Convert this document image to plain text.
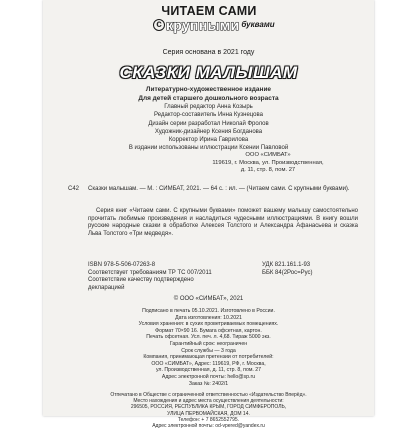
ЧИТАЕМ САМИ
с крупными буквами
Серия основана в 2021 году
СКАЗКИ МАЛЫШАМ
Литературно-художественное издание
Для детей старшего дошкольного возраста
Главный редактор Анна Козырь
Редактор-составитель Инна Кузнецова
Дизайн серии разработал Николай Фролов
Художник-дизайнер Ксения Богданова
Корректор Ирина Гаврилова
В издании использованы иллюстрации Ксении Павловой
ООО «СИМБАТ»
119619, г. Москва, ул. Производственная,
д. 11, стр. 8, пом. 27
С42 Сказки малышам. — М. : СИМБАТ, 2021. — 64 с. : ил. — (Читаем сами. С крупными буквами).
Серия книг «Читаем сами. С крупными буквами» поможет вашему малышу самостоятельно прочитать любимые произведения и насладиться чудесными иллюстрациями. В книгу вошли русские народные сказки в обработке Алексея Толстого и Александра Афанасьева и сказка Льва Толстого «Три медведя».
ISBN 978-5-506-07263-8
Соответствует требованиям ТР ТС 007/2011
Соответствие качеству подтверждено
декларацией
УДК 821.161.1-93
ББК 84(2Рос=Рус)
© ООО «СИМБАТ», 2021
Подписано в печать 05.10.2021. Изготовлено в России.
Дата изготовления: 10.2021
Условия хранения: в сухих проветриваемых помещениях.
Формат 70×90 16. Бумага офсетная, картон.
Печать офсетная. Усл. печ. л. 4,68. Тираж 5000 экз.
Гарантийный срок: неограничен
Срок службы — 3 года
Компания, принимающая претензии от потребителей:
ООО «СИМБАТ», Адрес: 119619, РФ, г. Москва,
ул. Производственная, д. 11, стр. 8, пом. 27
Адрес электронной почты: hello@sp.ru
Заказ №: 2402/1
Отпечатано в Обществе с ограниченной ответственностью «Издательство Вперёд».
Место нахождения и адрес места осуществления деятельности:
296505, РОССИЯ, РЕСПУБЛИКА КРЫМ, ГОРОД СИМФЕРОПОЛЬ,
УЛИЦА ПЕРВОМАЙСКАЯ, ДОМ 14.
Телефон: + 7 8652552795.
Адрес электронной почты: od-vpered@yandex.ru
